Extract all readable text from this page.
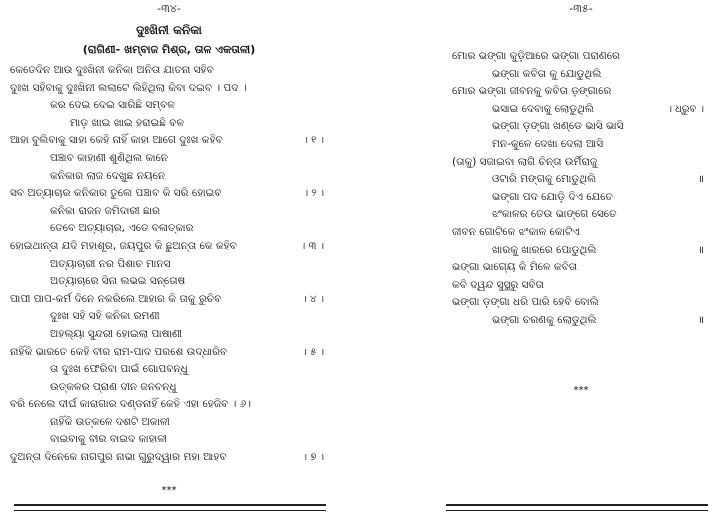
-୩୪-
ଦୁଃଖିନୀ କନିକା
(ରାଗିଣୀ- ଖମ୍ବାଜ ମିଶ୍ର, ତାଳ ଏକତାଳୀ)
କେତେଦିନ ଆଉ ଦୁଃଖିନୀ କନିକା ଅନିତା ଯାତନା ସହିବ
ଦୁଃଖ ସହିବାକୁ ଦୁଃଖିନୀ ଲଲାଟେ ଲିହିଥିଲା କିବା ଦଇବ । ପଦ ।
କର ଦେଇ ଦେଇ ସାରିଛି ସମ୍ବଳ
ମାଡ଼ ଖାଇ ଖାଇ ହରାଇଛି ବଳ
ଆହା ବୁଲିବାକୁ ସାହା କେହି ନାହିଁ କାହା ଆଗେ ଦୁଃଖ କହିବ	। ୧ ।
ପଞ୍ଚାବ କାହାଣୀ ଶୁଣିଥିଲ କାନେ
କନିକାର ଲାଜ ଦେଖୁଛ ନୟନେ
ସବ ଅତ୍ୟାଚାର କନିକାର ତୁଲେ ପଞ୍ଚାବ କି ସରି ହୋଇବ	। ୨ ।
କନିକା ରାଜନ ଜମିଦାରୀ ଛାର
ତେବେ ଅତ୍ୟାଚାର, ଏତେ ବଳାତ୍କାର
ହୋଇଥାନ୍ତା ଯଦି ମହାଶୂର, ଜୟପୁର କି ଛୁଅନ୍ତା କେ କହିବ	। ୩ ।
ଅତ୍ୟାଚାରୀ ନର ପିଶାଚ ମାନସ
ଅତ୍ୟାଚାରେ ସିନା ଲଭଇ ସନ୍ତୋଷ
ପାପୀ ପାପ-କର୍ମ ଦିନେ ନକରିଲେ ଆହାର କି ତାକୁ ରୁଚିବ	। ୪ ।
ଦୁଃଖ ସହି ସହି କନିକା ରମଣୀ
ଅହଲ୍ୟା ସୁନ୍ଦରୀ ହୋଇଲା ପାଷାଣୀ
ନାହିଁକି ଭାରତେ କେହି ବୀର ରାମ-ପାଦ ପରଶେ ଉଦ୍ଧାରିବ	। ୫ ।
ତା ଦୁଃଖ ଫେରିବା ପାଇଁ ଗୋପବନ୍ଧୁ
ଉତ୍କଳର ପ୍ରାଣ ଦୀନ ଜନବନ୍ଧୁ
ବରି ନେଲେ ଦୀର୍ଘ କାରାଗାର ଦଣ୍ଡନାହିଁ କେହି ଏହା ହେଜିବ । ୬।
ନାହିଁକି ଉତ୍କଳେ ଦଶଟି ଅକାଳୀ
ବାଇବାକୁ ବୀର ବାଇଦ କାହାଳୀ
ଦୁଅନ୍ତା ଦିନେକେ ନାଗପୁର ନାଭା ଗୁରୁଦ୍ୱାର ମହା ଆହବ	। ୭ ।
***
-୩୫-
ମୋର ଭଙ୍ଗା କୁଡ଼ିଆରେ ଭଙ୍ଗା ପରାଣରେ
ଭଙ୍ଗା କବିତା କୁ ଯୋଡୁଥିଲି
ମୋର ଭଙ୍ଗା ଜୀବନକୁ କବିତା ଡ଼ଙ୍ଗାରେ
ଭସାଇ ଦେବାକୁ ଲୋଡୁଥିଲି	। ଧ୍ରୁବ ।
ଭଙ୍ଗା ଡ଼ଙ୍ଗା ଖଣ୍ଡେ ଭାସି ଭାସି
ମନ-କୁଳେ ଦେଖା ଦେଲା ଆସି
(ତାକୁ) ସଜାଇବା ଲାଗି ଚିନ୍ତା ଉର୍ମିରାଜୁ
ଓଟାରି ମଙ୍ଗକୁ ମୋଡୁଥିଲି	॥
ଭଙ୍ଗା ପଦ ଯୋଡ଼ି ଦିଏ ଯେତେ
ଝଂକାଳର ତେଉ ଭାଙ୍ଗେ ସେତେ
ଜୀବନ ଗୋଟିକେ ଝଂକାଳ କୋଟିଏ
ଖାରକୁ ଖାରରେ ପୋଡୁଥିଲି	॥
ଭଙ୍ଗା ଭାଗ୍ୟେ କି ମିଳେ କବିତା
କବି ଦ୍ୱନ୍ଦ ସୁସ୍ଥରୁ ସବିତା
ଭଙ୍ଗା ଡ଼ଙ୍ଗା ଧରି ପାରି ହେବି ବୋଲି
ଭଙ୍ଗା ଚରଣକୁ ଲୋଡୁଥିଲି	॥
***
